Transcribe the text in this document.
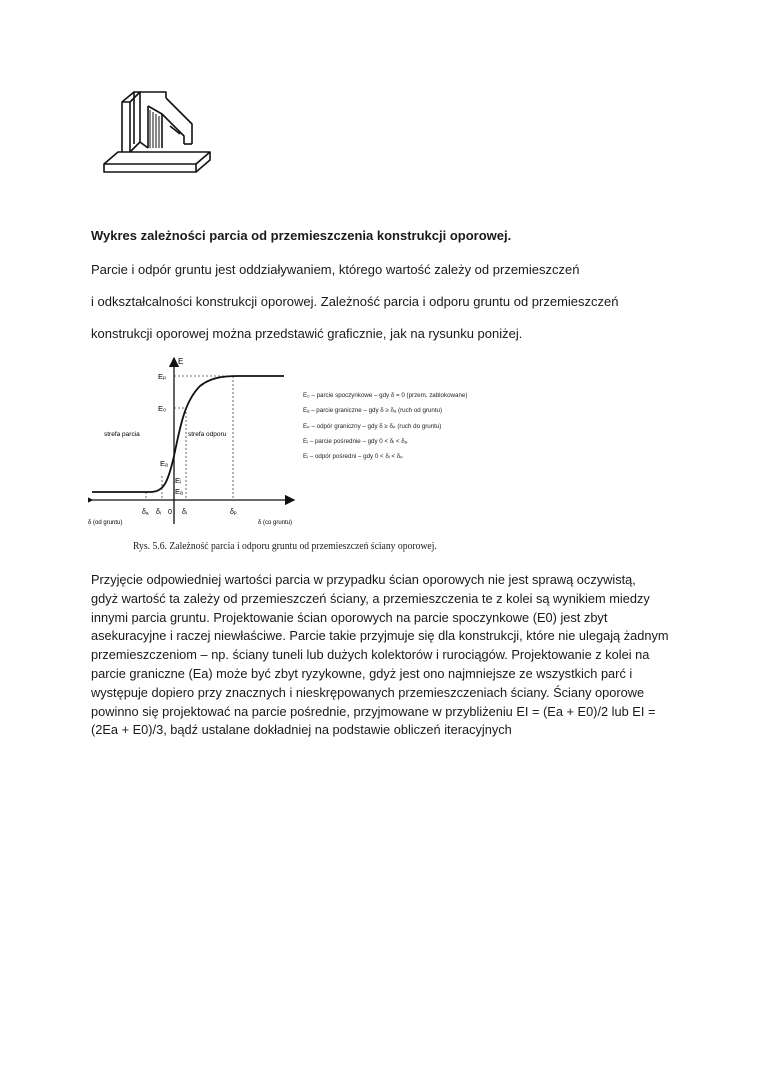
Wykres zależności parcia od przemieszczenia konstrukcji oporowej.
Parcie i odpór gruntu jest oddziaływaniem, którego wartość zależy od przemieszczeń
i odkształcalności konstrukcji oporowej. Zależność parcia i odporu gruntu od przemieszczeń
konstrukcji oporowej można przedstawić graficznie, jak na rysunku poniżej.
E
Eₚ
E₀
Eₐ
Eᵢ
Eₐ
strefa parcia	strefa odporu
δ (od gruntu)	δ (co gruntu)
δₐ δᵢ 0 δᵢ	δₚ
E₀ – parcie spoczynkowe – gdy δ = 0 (przem. zablokowane)
Eₐ – parcie graniczne – gdy δ ≥ δₐ (ruch od gruntu)
Eₚ – odpór graniczny – gdy δ ≥ δₚ (ruch do gruntu)
Eᵢ – parcie pośrednie – gdy 0 < δᵢ < δₐ
Eᵢ – odpór pośredni – gdy 0 < δᵢ < δₚ
Rys. 5.6. Zależność parcia i odporu gruntu od przemieszczeń ściany oporowej.
Przyjęcie odpowiedniej wartości parcia w przypadku ścian oporowych nie jest sprawą oczywistą,
gdyż wartość ta zależy od przemieszczeń ściany, a przemieszczenia te z kolei są wynikiem miedzy
innymi parcia gruntu. Projektowanie ścian oporowych na parcie spoczynkowe (E0) jest zbyt
asekuracyjne i raczej niewłaściwe. Parcie takie przyjmuje się dla konstrukcji, które nie ulegają żadnym
przemieszczeniom – np. ściany tuneli lub dużych kolektorów i rurociągów. Projektowanie z kolei na
parcie graniczne (Ea) może być zbyt ryzykowne, gdyż jest ono najmniejsze ze wszystkich parć i
występuje dopiero przy znacznych i nieskrępowanych przemieszczeniach ściany. Ściany oporowe
powinno się projektować na parcie pośrednie, przyjmowane w przybliżeniu EI = (Ea + E0)/2 lub EI =
(2Ea + E0)/3, bądź ustalane dokładniej na podstawie obliczeń iteracyjnych
